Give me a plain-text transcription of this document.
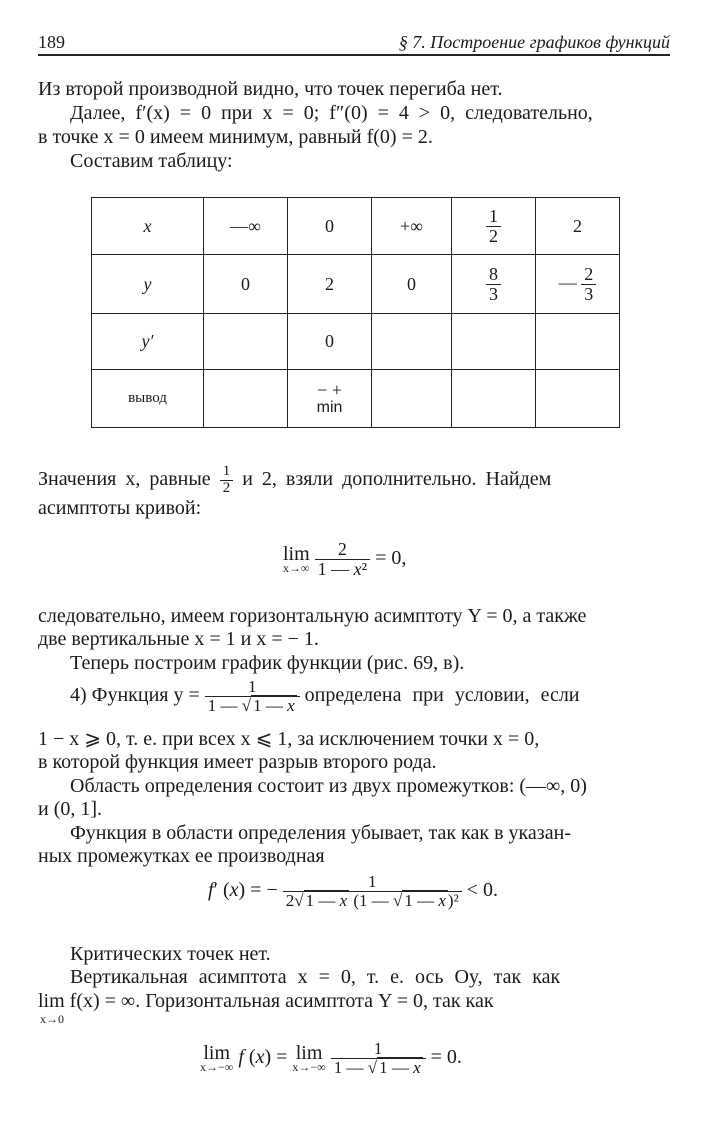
189	§ 7. Построение графиков функций
Из второй производной видно, что точек перегиба нет.
Далее, f′(x) = 0 при x = 0; f″(0) = 4 > 0, следовательно,
в точке x = 0 имеем минимум, равный f(0) = 2.
Составим таблицу:
x	—∞	0	+∞	$\frac{1}{2}$	2
y	0	2	0	$\frac{8}{3}$	— $\frac{2}{3}$

y′		0			
вывод		− +
min			

Значения x, равные $\frac{1}{2}$ и 2, взяли дополнительно. Найдем
асимптоты кривой:
lim
x→∞
$\frac{2}{\text{1 — x²}} = 0$,
следовательно, имеем горизонтальную асимптоту Y = 0, а также
две вертикальные x = 1 и x = − 1.
Теперь построим график функции (рис. 69, в).
4) Функция $y = \frac{1}{1 — √ 1 — x}$ определена при условии, если
1 − x ⩾ 0, т. е. при всех x ⩽ 1, за исключением точки x = 0,
в которой функция имеет разрыв второго рода.
Область определения состоит из двух промежутков: (—∞, 0)
и (0, 1].
Функция в области определения убывает, так как в указан-
ных промежутках ее производная
f′ (x) = − $\frac{1}{\text{2√ 1 — x (1 — √ 1 — x )²}} < 0$.
Критических точек нет.
Вертикальная асимптота x = 0, т. е. ось Oy, так как
lim f(x) = ∞. Горизонтальная асимптота Y = 0, так как
x→0
lim
x→−∞ f (x) = lim
x→−∞
$\frac{1}{1 — √ 1 — x} = 0$.
